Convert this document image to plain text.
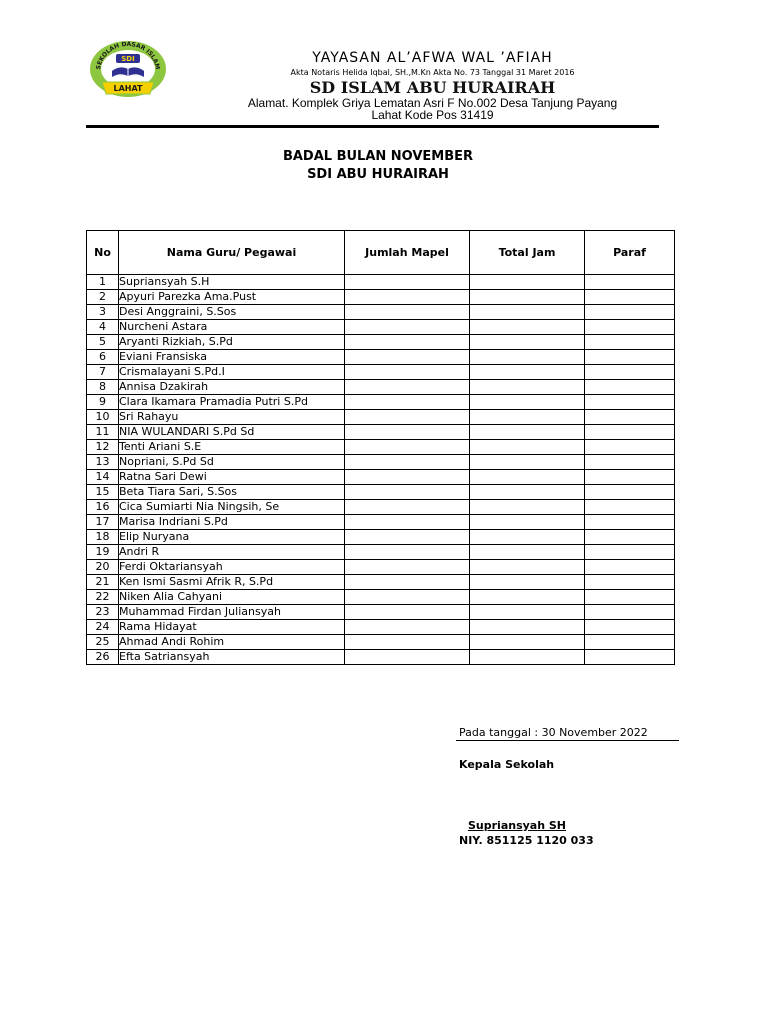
SEKOLAH DASAR ISLAM
SDI
LAHAT
YAYASAN AL’AFWA WAL ’AFIAH
Akta Notaris Helida Iqbal, SH.,M.Kn Akta No. 73 Tanggal 31 Maret 2016
SD ISLAM ABU HURAIRAH
Alamat. Komplek Griya Lematan Asri F No.002 Desa Tanjung Payang
Lahat Kode Pos 31419
BADAL BULAN NOVEMBER
SDI ABU HURAIRAH
No	Nama Guru/ Pegawai	Jumlah Mapel	Total Jam	Paraf
1	Supriansyah S.H			
2	Apyuri Parezka Ama.Pust			
3	Desi Anggraini, S.Sos			
4	Nurcheni Astara			
5	Aryanti Rizkiah, S.Pd			
6	Eviani Fransiska			
7	Crismalayani S.Pd.I			
8	Annisa Dzakirah			
9	Clara Ikamara Pramadia Putri S.Pd			
10	Sri Rahayu			
11	NIA WULANDARI S.Pd Sd			
12	Tenti Ariani S.E			
13	Nopriani, S.Pd Sd			
14	Ratna Sari Dewi			
15	Beta Tiara Sari, S.Sos			
16	Cica Sumiarti Nia Ningsih, Se			
17	Marisa Indriani S.Pd			
18	Elip Nuryana			
19	Andri R			
20	Ferdi Oktariansyah			
21	Ken Ismi Sasmi Afrik R, S.Pd			
22	Niken Alia Cahyani			
23	Muhammad Firdan Juliansyah			
24	Rama Hidayat			
25	Ahmad Andi Rohim			
26	Efta Satriansyah			
Pada tanggal : 30 November 2022
Kepala Sekolah
Supriansyah SH
NIY. 851125 1120 033
